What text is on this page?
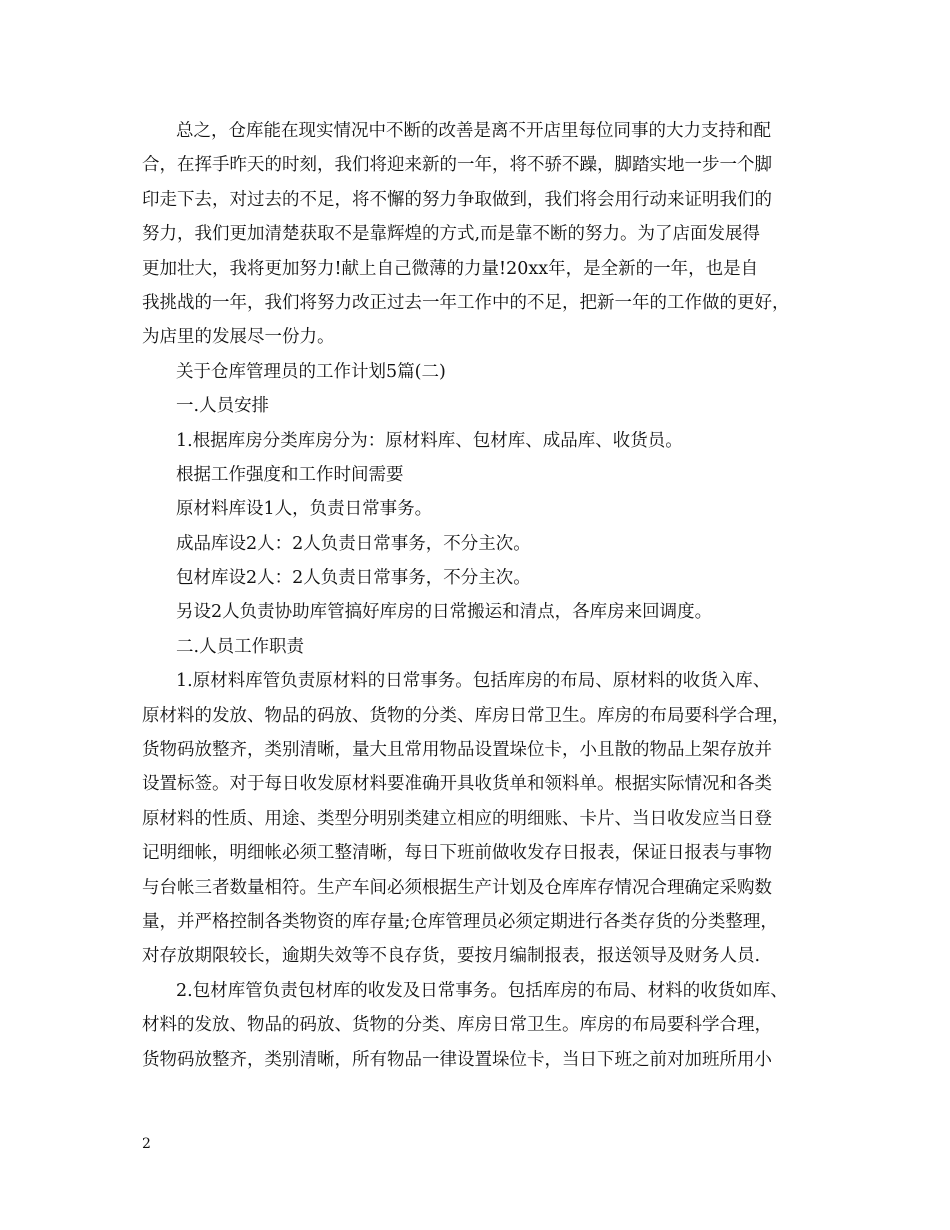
总之，仓库能在现实情况中不断的改善是离不开店里每位同事的大力支持和配
合，在挥手昨天的时刻，我们将迎来新的一年，将不骄不躁，脚踏实地一步一个脚
印走下去，对过去的不足，将不懈的努力争取做到，我们将会用行动来证明我们的
努力，我们更加清楚获取不是靠辉煌的方式,而是靠不断的努力。为了店面发展得
更加壮大，我将更加努力!献上自己微薄的力量!20xx年，是全新的一年，也是自
我挑战的一年，我们将努力改正过去一年工作中的不足，把新一年的工作做的更好，
为店里的发展尽一份力。
关于仓库管理员的工作计划5篇(二)
一.人员安排
1.根据库房分类库房分为：原材料库、包材库、成品库、收货员。
根据工作强度和工作时间需要
原材料库设1人，负责日常事务。
成品库设2人：2人负责日常事务，不分主次。
包材库设2人：2人负责日常事务，不分主次。
另设2人负责协助库管搞好库房的日常搬运和清点，各库房来回调度。
二.人员工作职责
1.原材料库管负责原材料的日常事务。包括库房的布局、原材料的收货入库、
原材料的发放、物品的码放、货物的分类、库房日常卫生。库房的布局要科学合理，
货物码放整齐，类别清晰，量大且常用物品设置垛位卡，小且散的物品上架存放并
设置标签。对于每日收发原材料要准确开具收货单和领料单。根据实际情况和各类
原材料的性质、用途、类型分明别类建立相应的明细账、卡片、当日收发应当日登
记明细帐，明细帐必须工整清晰，每日下班前做收发存日报表，保证日报表与事物
与台帐三者数量相符。生产车间必须根据生产计划及仓库库存情况合理确定采购数
量，并严格控制各类物资的库存量;仓库管理员必须定期进行各类存货的分类整理，
对存放期限较长，逾期失效等不良存货，要按月编制报表，报送领导及财务人员.
2.包材库管负责包材库的收发及日常事务。包括库房的布局、材料的收货如库、
材料的发放、物品的码放、货物的分类、库房日常卫生。库房的布局要科学合理，
货物码放整齐，类别清晰，所有物品一律设置垛位卡，当日下班之前对加班所用小
2
